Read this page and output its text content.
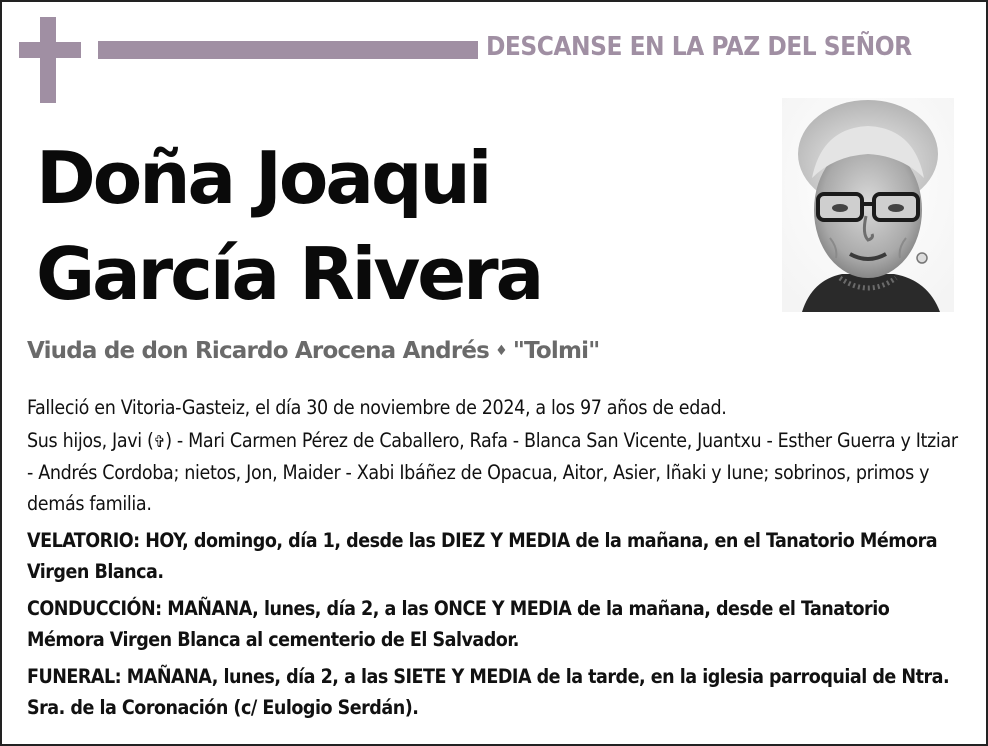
DESCANSE EN LA PAZ DEL SEÑOR
Doña Joaqui
García Rivera
Viuda de don Ricardo Arocena Andrés ♦ "Tolmi"

Falleció en Vitoria-Gasteiz, el día 30 de noviembre de 2024, a los 97 años de edad.

Sus hijos, Javi (✞) - Mari Carmen Pérez de Caballero, Rafa - Blanca San Vicente, Juantxu - Esther Guerra y Itziar - Andrés Cordoba; nietos, Jon, Maider - Xabi Ibáñez de Opacua, Aitor, Asier, Iñaki y Iune; sobrinos, primos y demás familia.

VELATORIO: HOY, domingo, día 1, desde las DIEZ Y MEDIA de la mañana, en el Tanatorio Mémora Virgen Blanca.

CONDUCCIÓN: MAÑANA, lunes, día 2, a las ONCE Y MEDIA de la mañana, desde el Tanatorio Mémora Virgen Blanca al cementerio de El Salvador.

FUNERAL: MAÑANA, lunes, día 2, a las SIETE Y MEDIA de la tarde, en la iglesia parroquial de Ntra. Sra. de la Coronación (c/ Eulogio Serdán).
